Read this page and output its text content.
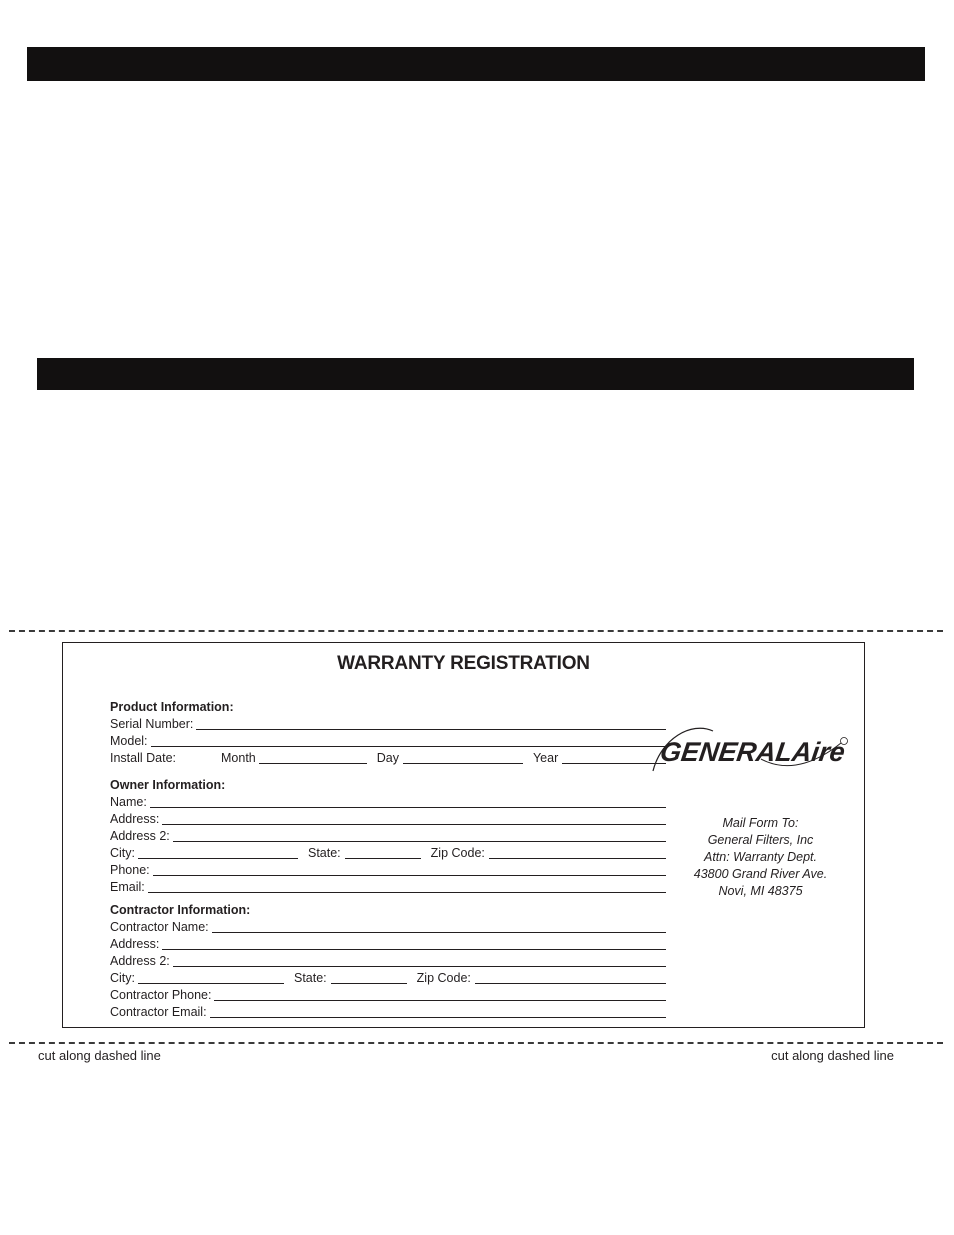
WARRANTY REGISTRATION
Product Information:
Serial Number:
Model:
Install Date:	Month	Day	Year
Owner Information:
Name:
Address:
Address 2:
City:	State:	Zip Code:
Phone:
Email:
Contractor Information:
Contractor Name:
Address:
Address 2:
City:	State:	Zip Code:
Contractor Phone:
Contractor Email:
GENERALAire
Mail Form To:
General Filters, Inc
Attn: Warranty Dept.
43800 Grand River Ave.
Novi, MI 48375
cut along dashed line	cut along dashed line
